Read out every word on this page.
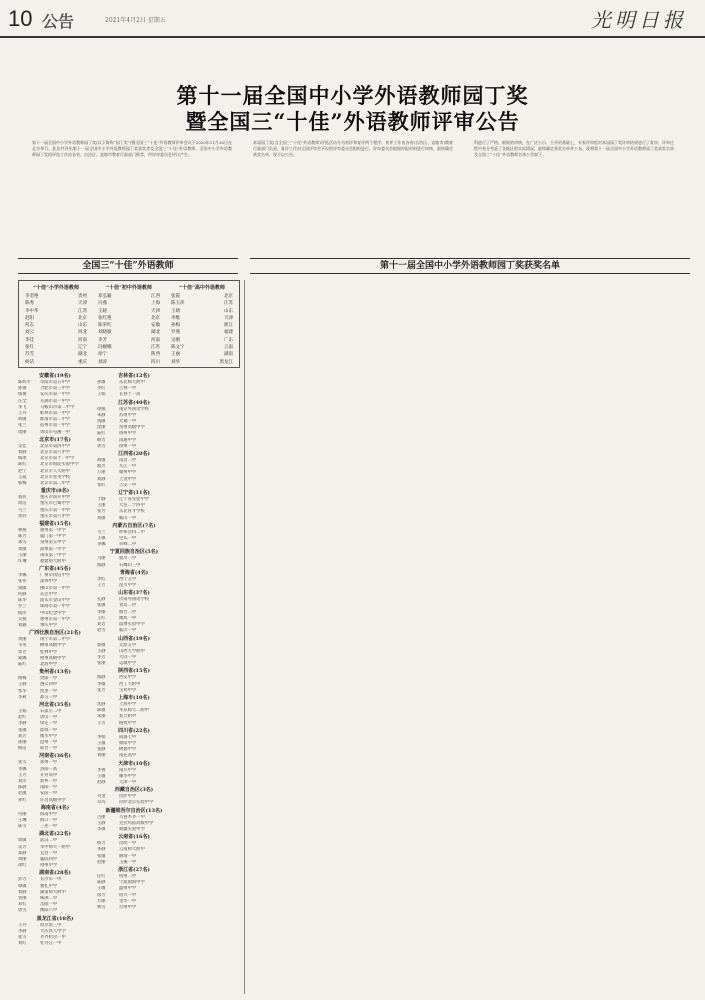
10 公告	2021年4月2日 星期五	光明日报
第十一届全国中小学外语教师园丁奖
暨全国三“十佳”外语教师评审公告
第十一届全国中小学外语教师园丁奖(以下简称“园丁奖”)暨全国三“十佳”外语教师评审会议于2020年11月26日在北京举行。此次共评出第十一届全国中小学外语教师园丁奖获奖者及全国三“十佳”外语教师。全国中小学外语教师园丁奖的评选工作由各省、自治区、直辖市教育行政部门推荐，经评审委员会评议产生。
本届园丁奖(含全国三“十佳”外语教师)评选活动分为初评和复评两个程序。初评工作由各省(自治区、直辖市)教育行政部门负责，复评工作由全国评审会下设的评审委员会组织进行。评审委员会根据申报材料进行审核，最终确定获奖名单，现予以公告。
科进行了严格、细致的审核，在广泛公示、公开的基础上，专家评审组对本届园丁奖评审结果进行了复审，评审过程中充分考虑了各地区的实际情况，最终确定获奖名单并公布。现将第十一届全国中小学外语教师园丁奖获奖名单及全国三“十佳”外语教师名单公告如下。
全国三“十佳”外语教师	第十一届全国中小学外语教师园丁奖获奖名单
“十佳”小学外语教师
李金艳	贵州
陈秀	天津
李中华	江苏
赵阳	北京
何志	山东
刘云	河北
李佳	河南
张红	辽宁
苏雪	湖北
杨洁	重庆
“十佳”初中外语教师
邓弘颖	江西
冯燕	上海
王晓	天津
张红艳	北京
陈荣红	安徽
刘晓敏	湖北
李芳	河南
冯婉娜	江苏
徐宁	陕西
刘涛	四川
“十佳”高中外语教师
张霞	北京
陈玉萍	江苏
王婧	山东
李维	天津
孙梅	浙江
罗燕	福建
吴刚	广东
陈文宁	云南
王丽	湖南
刘华	黑龙江
安徽省(19名)
陈辉平 阜阳市第五中学
孙俊	合肥市第三中学
杨俊	安庆市第一中学
汪全	芜湖市第一中学
李飞	马鞍山市第二中学
王丹	蚌埠市第一中学
胡敏	淮南市第二中学
张兰	宿州市第一中学
周丽	黄山市屯溪一中
北京市(17名)
吴佳	北京市第四中学
刘静	北京市第八中学
杨冰	北京市第十一中学
陈红	北京市海淀实验中学
赵宁	北京市人大附中
王霞	北京市育英学校
韩梅	北京市第二中学
重庆市(8名)
刘亮	重庆市南开中学
周洁	重庆市巴蜀中学
马兰	重庆市第一中学
黄玲	重庆市第八中学
福建省(15名)
林燕	福州第一中学
陈芳	厦门第一中学
郑雪	泉州第五中学
黄敏	漳州第一中学
王丽	莆田第一中学
许琳	福建师大附中
广东省(45名)
李娜	广州市执信中学
张伟	深圳中学
梁敏	佛山市第一中学
何静	东莞中学
陈华	汕头市金山中学
罗兰	珠海市第一中学
杨洋	中山纪念中学
吴燕	惠州市第一中学
刘颖	肇庆中学
广西壮族自治区(21名)
黄丽	南宁市第二中学
韦英	柳州高级中学
覃芳	桂林中学
蒙娜	梧州高级中学
陆红	北海中学
贵州省(13名)
杨梅	贵阳一中
王静	遵义四中
张华	凯里一中
李莉	都匀一中
河北省(35名)
王娟	石家庄二中
赵红	唐山一中
李静	保定一中
张敏	邯郸一中
刘芳	衡水中学
孙丽	沧州一中
杨洁	邢台一中
河南省(36名)
张雪	郑州一中
李娜	洛阳一高
王芳	开封高中
刘洋	新乡一中
陈静	南阳一中
赵敏	安阳一中
孙红	许昌高级中学
海南省(4名)
符丽	海南中学
王琳	海口一中
陈雪	三亚一中
湖北省(22名)
周敏	武汉二中
吴芳	华中师大一附中
郑静	宜昌一中
黄丽	襄阳四中
徐红	荆州中学
湖南省(28名)
彭芳	长沙市一中
谭敏	雅礼中学
刘静	湖南师大附中
曾丽	株洲二中
邓红	岳阳一中
唐雪	衡阳八中
黑龙江省(18名)
王丹	哈尔滨三中
李静	大庆铁人中学
张雪	齐齐哈尔一中
刘红	牡丹江一中
吉林省(12名)
孙敏	东北师大附中
李红	吉林一中
王娟	长春十一高
江苏省(40名)
徐燕	南京外国语学校
朱静	苏州中学
钱敏	无锡一中
沈丽	常州高级中学
陆红	扬州中学
顾芳	南通中学
蒋雪	徐州一中
江西省(20名)
胡敏	南昌二中
熊芳	九江一中
万丽	赣州中学
刘静	上饶中学
邹红	吉安一中
辽宁省(11名)
于静	辽宁省实验中学
王丽	大连二十四中
张芳	东北育才学校
刘敏	鞍山一中
内蒙古自治区(7名)
乌兰	呼和浩特二中
王敏	包头一中
李娜	赤峰二中
宁夏回族自治区(5名)
马丽	银川一中
杨静	石嘴山三中
青海省(4名)
李红	西宁五中
王芳	湟川中学
山东省(37名)
孔静	济南外国语学校
张敏	青岛二中
李丽	烟台二中
王红	潍坊一中
刘芳	淄博实验中学
赵雪	临沂一中
山西省(19名)
郭敏	太原五中
王静	山西大学附中
李芳	大同一中
张丽	运城中学
陕西省(15名)
杨静	西安中学
李敏	西工大附中
张芳	宝鸡中学
上海市(10名)
沈静	上海中学
陈敏	华东师大二附中
朱丽	复旦附中
王芳	格致中学
四川省(22名)
李娟	成都七中
王敏	绵阳中学
张静	树德中学
刘丽	南充高中
天津市(10名)
李倩	南开中学
王敏	耀华中学
赵静	天津一中
西藏自治区(3名)
央金	拉萨中学
卓玛	拉萨北京实验中学
新疆维吾尔自治区(13名)
古丽	乌鲁木齐一中
王静	克拉玛依高级中学
李敏	新疆实验中学
云南省(16名)
杨芳	昆明一中
李静	云南师大附中
张敏	曲靖一中
赵丽	玉溪一中
浙江省(27名)
任红	杭州二中
陈静	宁波镇海中学
王敏	温州中学
徐芳	绍兴一中
方丽	金华一中
林雪	台州中学
